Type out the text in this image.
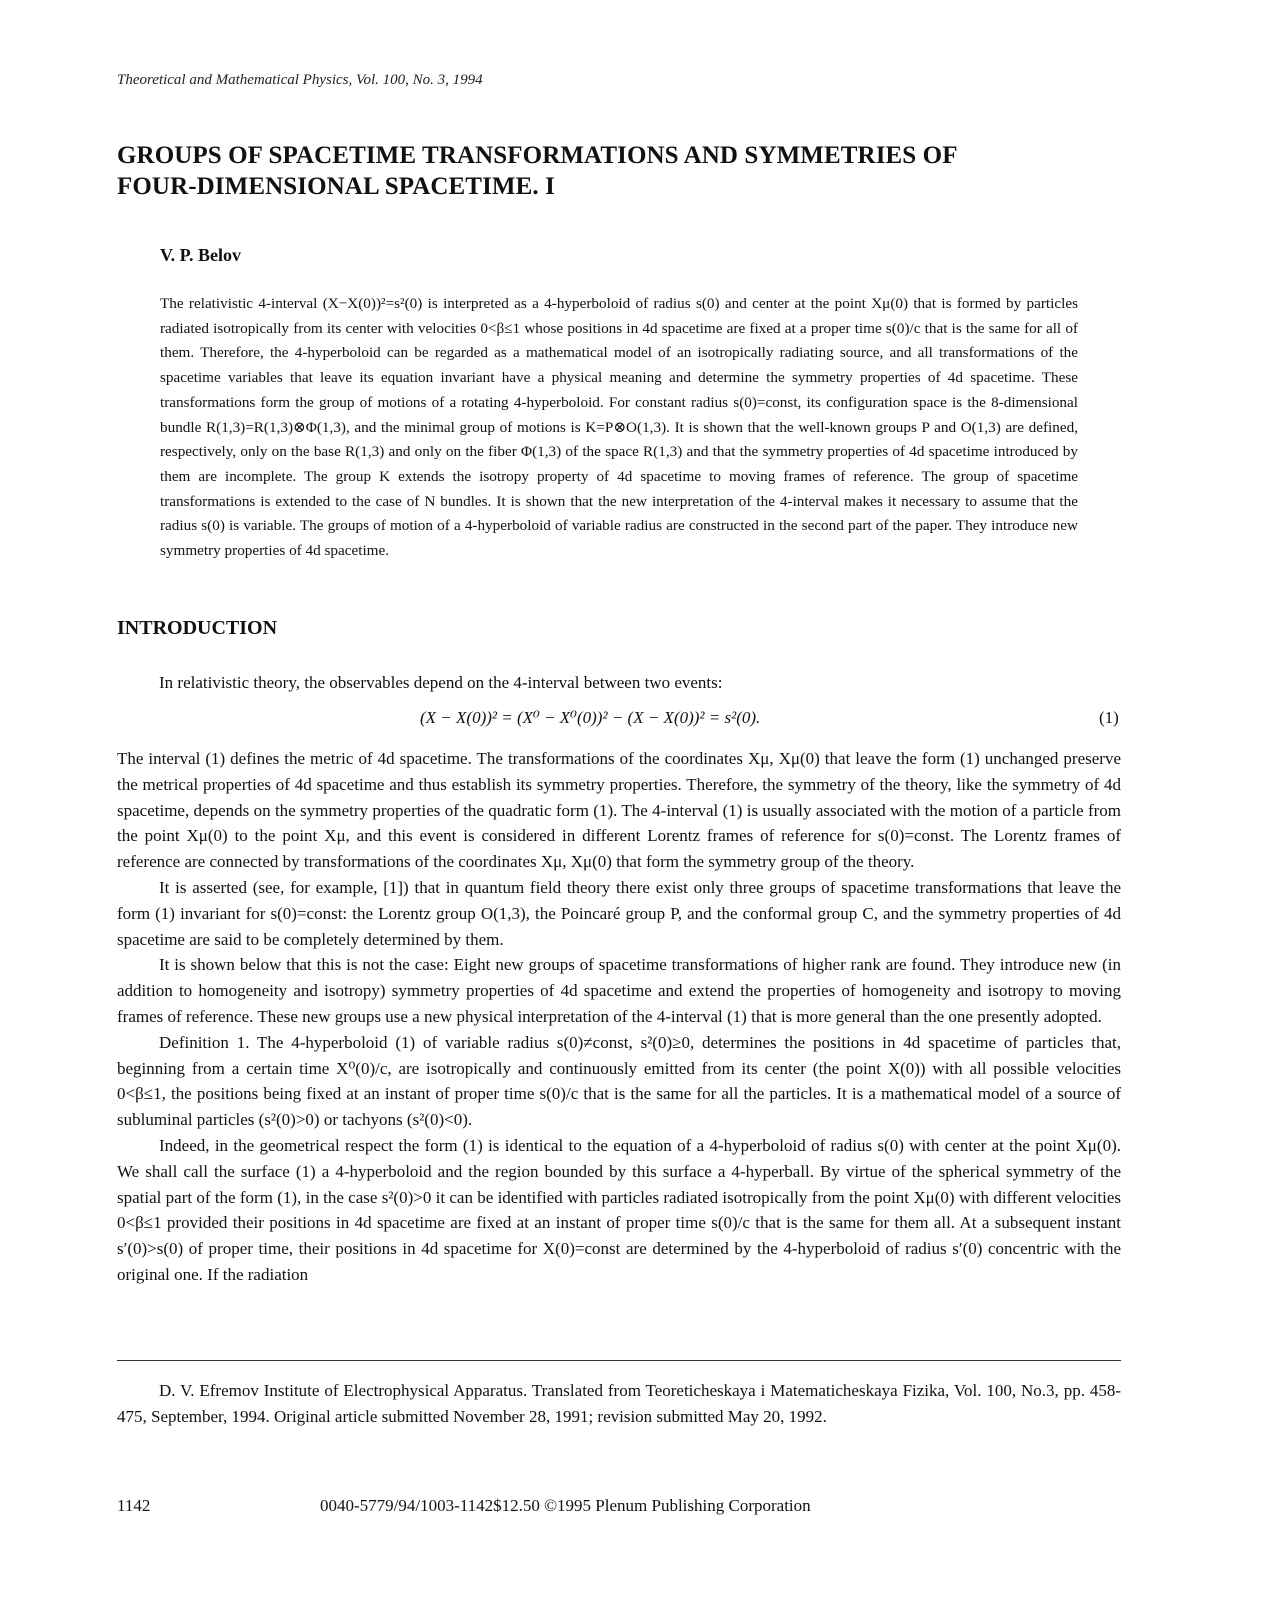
Theoretical and Mathematical Physics, Vol. 100, No. 3, 1994
GROUPS OF SPACETIME TRANSFORMATIONS AND SYMMETRIES OF FOUR-DIMENSIONAL SPACETIME. I
V. P. Belov
The relativistic 4-interval (X−X(0))²=s²(0) is interpreted as a 4-hyperboloid of radius s(0) and center at the point Xμ(0) that is formed by particles radiated isotropically from its center with velocities 0<β≤1 whose positions in 4d spacetime are fixed at a proper time s(0)/c that is the same for all of them. Therefore, the 4-hyperboloid can be regarded as a mathematical model of an isotropically radiating source, and all transformations of the spacetime variables that leave its equation invariant have a physical meaning and determine the symmetry properties of 4d spacetime. These transformations form the group of motions of a rotating 4-hyperboloid. For constant radius s(0)=const, its configuration space is the 8-dimensional bundle R(1,3)=R(1,3)⊗Φ(1,3), and the minimal group of motions is K=P⊗O(1,3). It is shown that the well-known groups P and O(1,3) are defined, respectively, only on the base R(1,3) and only on the fiber Φ(1,3) of the space R(1,3) and that the symmetry properties of 4d spacetime introduced by them are incomplete. The group K extends the isotropy property of 4d spacetime to moving frames of reference. The group of spacetime transformations is extended to the case of N bundles. It is shown that the new interpretation of the 4-interval makes it necessary to assume that the radius s(0) is variable. The groups of motion of a 4-hyperboloid of variable radius are constructed in the second part of the paper. They introduce new symmetry properties of 4d spacetime.
INTRODUCTION
In relativistic theory, the observables depend on the 4-interval between two events:
(X − X(0))² = (X⁰ − X⁰(0))² − (X − X(0))² = s²(0).	(1)

The interval (1) defines the metric of 4d spacetime. The transformations of the coordinates Xμ, Xμ(0) that leave the form (1) unchanged preserve the metrical properties of 4d spacetime and thus establish its symmetry properties. Therefore, the symmetry of the theory, like the symmetry of 4d spacetime, depends on the symmetry properties of the quadratic form (1). The 4-interval (1) is usually associated with the motion of a particle from the point Xμ(0) to the point Xμ, and this event is considered in different Lorentz frames of reference for s(0)=const. The Lorentz frames of reference are connected by transformations of the coordinates Xμ, Xμ(0) that form the symmetry group of the theory.

It is asserted (see, for example, [1]) that in quantum field theory there exist only three groups of spacetime transformations that leave the form (1) invariant for s(0)=const: the Lorentz group O(1,3), the Poincaré group P, and the conformal group C, and the symmetry properties of 4d spacetime are said to be completely determined by them.

It is shown below that this is not the case: Eight new groups of spacetime transformations of higher rank are found. They introduce new (in addition to homogeneity and isotropy) symmetry properties of 4d spacetime and extend the properties of homogeneity and isotropy to moving frames of reference. These new groups use a new physical interpretation of the 4-interval (1) that is more general than the one presently adopted.

Definition 1. The 4-hyperboloid (1) of variable radius s(0)≠const, s²(0)≥0, determines the positions in 4d spacetime of particles that, beginning from a certain time X⁰(0)/c, are isotropically and continuously emitted from its center (the point X(0)) with all possible velocities 0<β≤1, the positions being fixed at an instant of proper time s(0)/c that is the same for all the particles. It is a mathematical model of a source of subluminal particles (s²(0)>0) or tachyons (s²(0)<0).

Indeed, in the geometrical respect the form (1) is identical to the equation of a 4-hyperboloid of radius s(0) with center at the point Xμ(0). We shall call the surface (1) a 4-hyperboloid and the region bounded by this surface a 4-hyperball. By virtue of the spherical symmetry of the spatial part of the form (1), in the case s²(0)>0 it can be identified with particles radiated isotropically from the point Xμ(0) with different velocities 0<β≤1 provided their positions in 4d spacetime are fixed at an instant of proper time s(0)/c that is the same for them all. At a subsequent instant s′(0)>s(0) of proper time, their positions in 4d spacetime for X(0)=const are determined by the 4-hyperboloid of radius s′(0) concentric with the original one. If the radiation

D. V. Efremov Institute of Electrophysical Apparatus. Translated from Teoreticheskaya i Matematicheskaya Fizika, Vol. 100, No.3, pp. 458-475, September, 1994. Original article submitted November 28, 1991; revision submitted May 20, 1992.
1142	0040-5779/94/1003-1142$12.50 ©1995 Plenum Publishing Corporation
